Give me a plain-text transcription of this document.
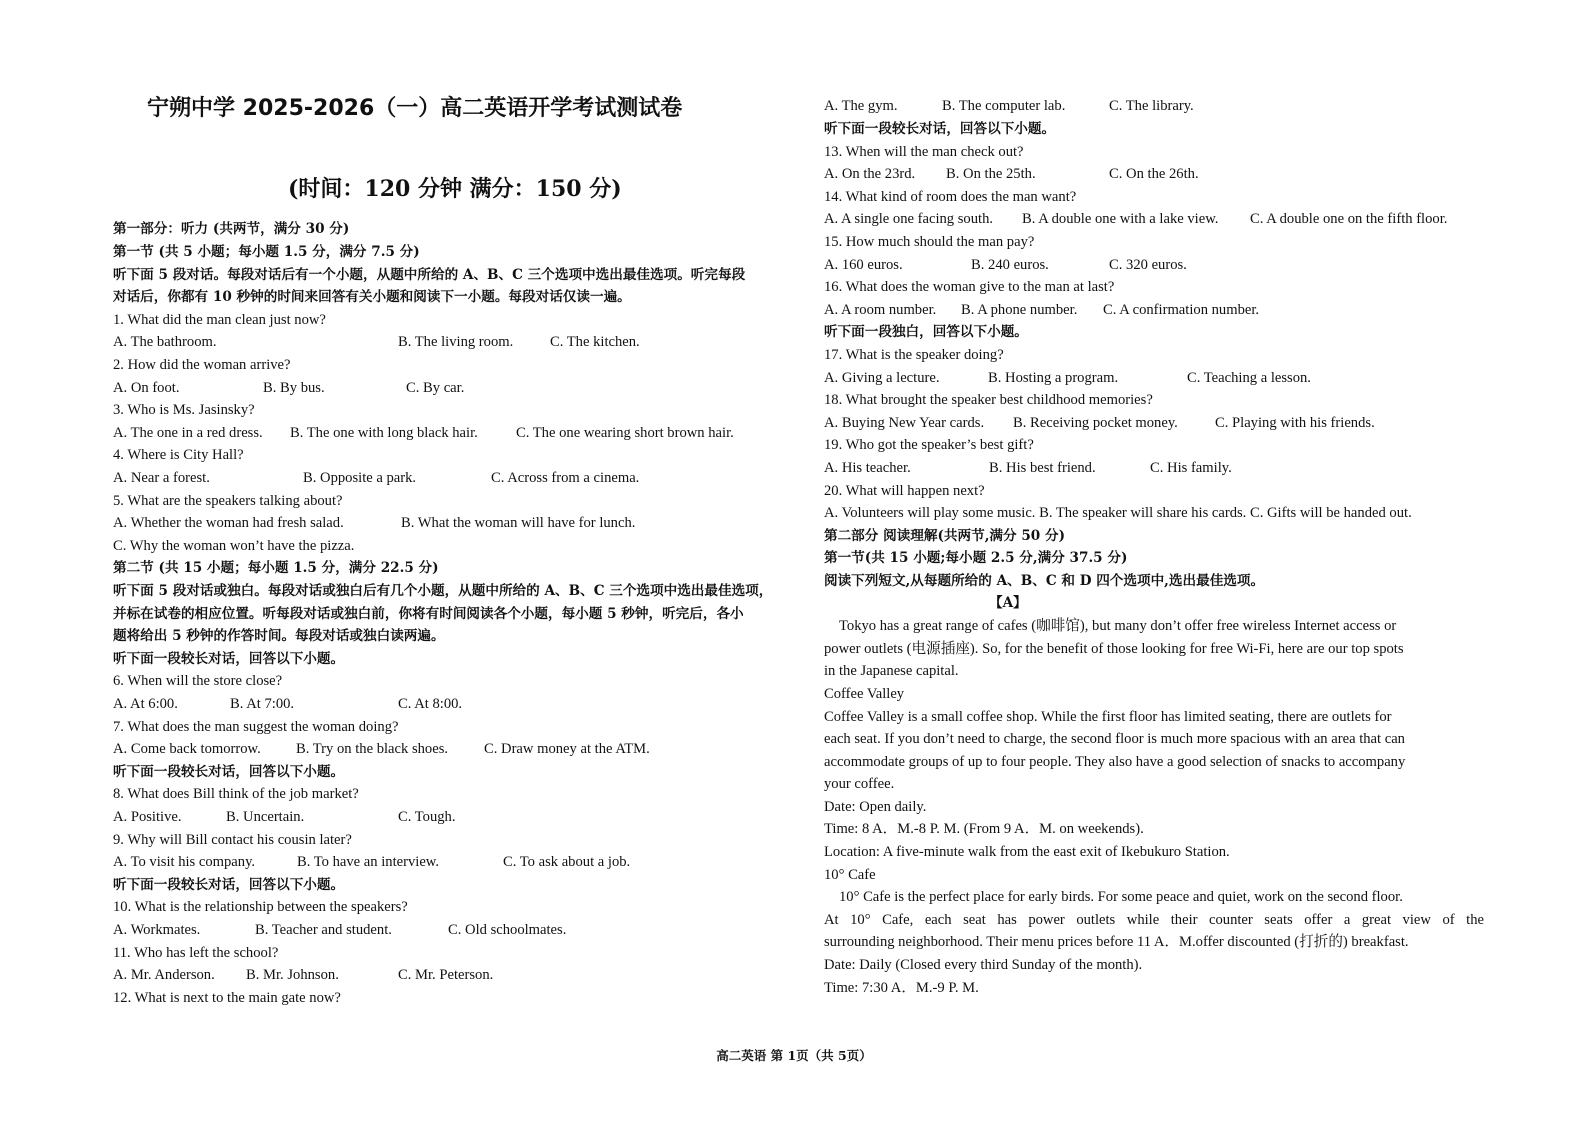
宁朔中学 2025-2026（一）高二英语开学考试测试卷
(时间：120 分钟 满分：150 分)
第一部分：听力 (共两节，满分 30 分)
第一节 (共 5 小题；每小题 1.5 分，满分 7.5 分)
听下面 5 段对话。每段对话后有一个小题，从题中所给的 A、B、C 三个选项中选出最佳选项。听完每段
对话后，你都有 10 秒钟的时间来回答有关小题和阅读下一小题。每段对话仅读一遍。
1. What did the man clean just now?
A. The bathroom.	B. The living room.	C. The kitchen.
2. How did the woman arrive?
A. On foot.	B. By bus.	C. By car.
3. Who is Ms. Jasinsky?
A. The one in a red dress. B. The one with long black hair.	C. The one wearing short brown hair.
4. Where is City Hall?
A. Near a forest.	B. Opposite a park.	C. Across from a cinema.
5. What are the speakers talking about?
A. Whether the woman had fresh salad.	B. What the woman will have for lunch.
C. Why the woman won’t have the pizza.
第二节 (共 15 小题；每小题 1.5 分，满分 22.5 分)
听下面 5 段对话或独白。每段对话或独白后有几个小题，从题中所给的 A、B、C 三个选项中选出最佳选项，
并标在试卷的相应位置。听每段对话或独白前，你将有时间阅读各个小题，每小题 5 秒钟，听完后，各小
题将给出 5 秒钟的作答时间。每段对话或独白读两遍。
听下面一段较长对话，回答以下小题。
6. When will the store close?
A. At 6:00.	B. At 7:00.	C. At 8:00.
7. What does the man suggest the woman doing?
A. Come back tomorrow. B. Try on the black shoes. C. Draw money at the ATM.
听下面一段较长对话，回答以下小题。
8. What does Bill think of the job market?
A. Positive.	B. Uncertain.	C. Tough.
9. Why will Bill contact his cousin later?
A. To visit his company.	B. To have an interview.	C. To ask about a job.
听下面一段较长对话，回答以下小题。
10. What is the relationship between the speakers?
A. Workmates.	B. Teacher and student.	C. Old schoolmates.
11. Who has left the school?
A. Mr. Anderson. B. Mr. Johnson.	C. Mr. Peterson.
12. What is next to the main gate now?
A. The gym.	B. The computer lab.	C. The library.
听下面一段较长对话，回答以下小题。
13. When will the man check out?
A. On the 23rd. B. On the 25th.	C. On the 26th.
14. What kind of room does the man want?
A. A single one facing south. B. A double one with a lake view. C. A double one on the fifth floor.
15. How much should the man pay?
A. 160 euros.	B. 240 euros.	C. 320 euros.
16. What does the woman give to the man at last?
A. A room number. B. A phone number. C. A confirmation number.
听下面一段独白，回答以下小题。
17. What is the speaker doing?
A. Giving a lecture.	B. Hosting a program.	C. Teaching a lesson.
18. What brought the speaker best childhood memories?
A. Buying New Year cards. B. Receiving pocket money.	C. Playing with his friends.
19. Who got the speaker’s best gift?
A. His teacher.	B. His best friend.	C. His family.
20. What will happen next?
A. Volunteers will play some music. B. The speaker will share his cards. C. Gifts will be handed out.
第二部分 阅读理解(共两节,满分 50 分)
第一节(共 15 小题;每小题 2.5 分,满分 37.5 分)
阅读下列短文,从每题所给的 A、B、C 和 D 四个选项中,选出最佳选项。
【A】
Tokyo has a great range of cafes (咖啡馆), but many don’t offer free wireless Internet access or
power outlets (电源插座). So, for the benefit of those looking for free Wi-Fi, here are our top spots
in the Japanese capital.
Coffee Valley
Coffee Valley is a small coffee shop. While the first floor has limited seating, there are outlets for
each seat. If you don’t need to charge, the second floor is much more spacious with an area that can
accommodate groups of up to four people. They also have a good selection of snacks to accompany
your coffee.
Date: Open daily.
Time: 8 A．M.-8 P. M. (From 9 A．M. on weekends).
Location: A five-minute walk from the east exit of Ikebukuro Station.
10° Cafe
10° Cafe is the perfect place for early birds. For some peace and quiet, work on the second floor.
At 10° Cafe, each seat has power outlets while their counter seats offer a great view of the
surrounding neighborhood. Their menu prices before 11 A．M.offer discounted (打折的) breakfast.
Date: Daily (Closed every third Sunday of the month).
Time: 7:30 A．M.-9 P. M.
高二英语 第 1页（共 5页）
